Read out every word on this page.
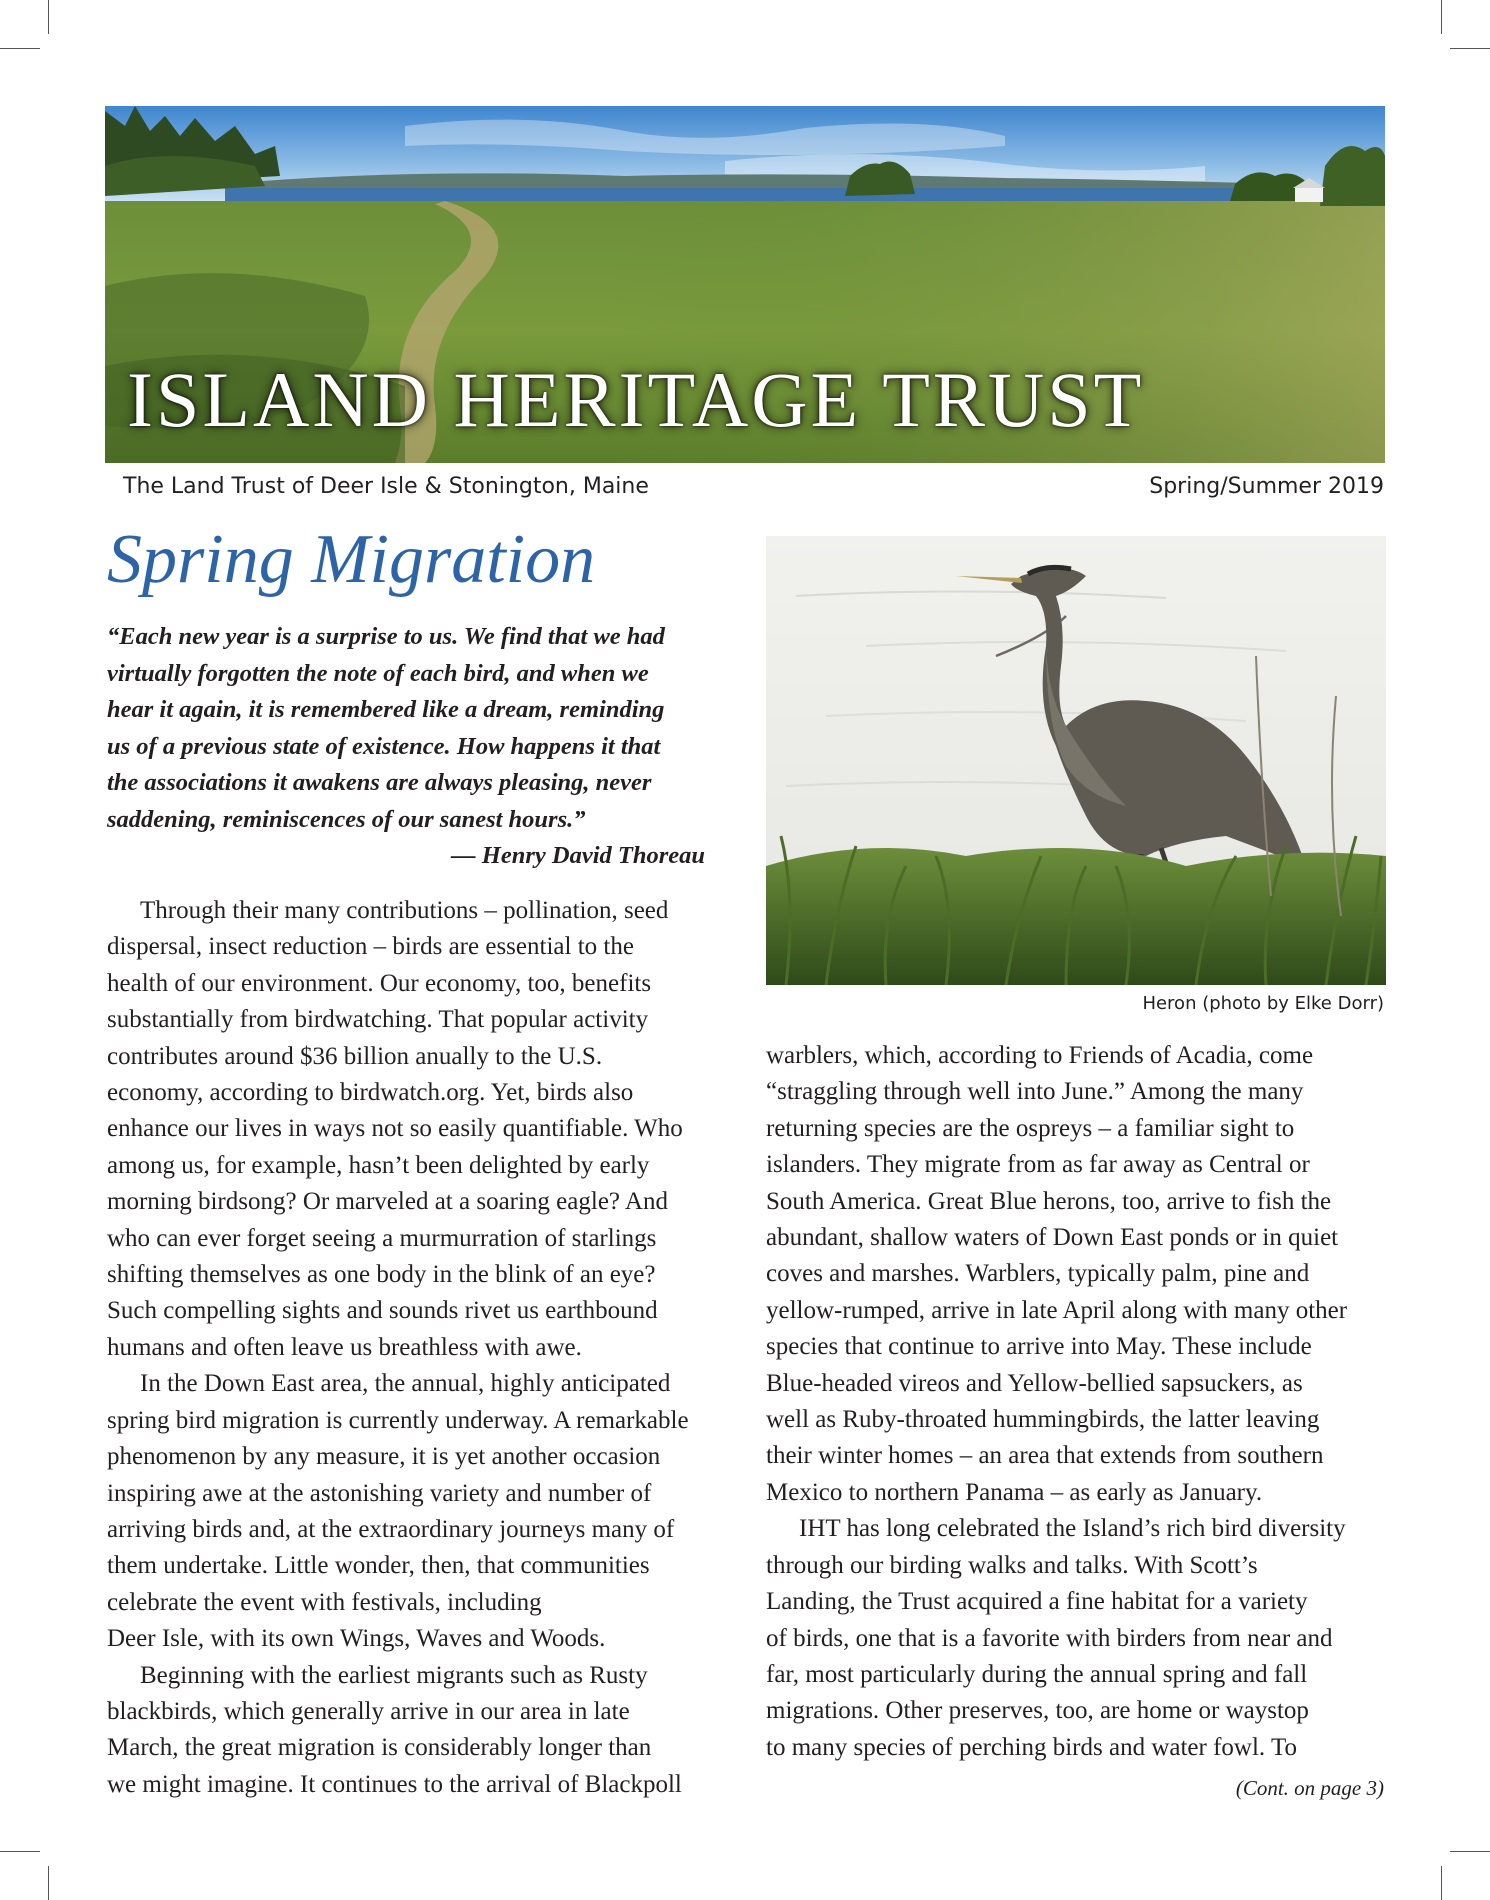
ISLAND HERITAGE TRUST
The Land Trust of Deer Isle & Stonington, Maine	Spring/Summer 2019
Spring Migration
“Each new year is a surprise to us. We find that we had
virtually forgotten the note of each bird, and when we
hear it again, it is remembered like a dream, reminding
us of a previous state of existence. How happens it that
the associations it awakens are always pleasing, never
saddening, reminiscences of our sanest hours.”
— Henry David Thoreau
Through their many contributions – pollination, seed
dispersal, insect reduction – birds are essential to the
health of our environment. Our economy, too, benefits
substantially from birdwatching. That popular activity
contributes around $36 billion anually to the U.S.
economy, according to birdwatch.org. Yet, birds also
enhance our lives in ways not so easily quantifiable. Who
among us, for example, hasn’t been delighted by early
morning birdsong? Or marveled at a soaring eagle? And
who can ever forget seeing a murmurration of starlings
shifting themselves as one body in the blink of an eye?
Such compelling sights and sounds rivet us earthbound
humans and often leave us breathless with awe.
In the Down East area, the annual, highly anticipated
spring bird migration is currently underway. A remarkable
phenomenon by any measure, it is yet another occasion
inspiring awe at the astonishing variety and number of
arriving birds and, at the extraordinary journeys many of
them undertake. Little wonder, then, that communities
celebrate the event with festivals, including
Deer Isle, with its own Wings, Waves and Woods.
Beginning with the earliest migrants such as Rusty
blackbirds, which generally arrive in our area in late
March, the great migration is considerably longer than
we might imagine. It continues to the arrival of Blackpoll
Heron (photo by Elke Dorr)
warblers, which, according to Friends of Acadia, come
“straggling through well into June.” Among the many
returning species are the ospreys – a familiar sight to
islanders. They migrate from as far away as Central or
South America. Great Blue herons, too, arrive to fish the
abundant, shallow waters of Down East ponds or in quiet
coves and marshes. Warblers, typically palm, pine and
yellow-rumped, arrive in late April along with many other
species that continue to arrive into May. These include
Blue-headed vireos and Yellow-bellied sapsuckers, as
well as Ruby-throated hummingbirds, the latter leaving
their winter homes – an area that extends from southern
Mexico to northern Panama – as early as January.
IHT has long celebrated the Island’s rich bird diversity
through our birding walks and talks. With Scott’s
Landing, the Trust acquired a fine habitat for a variety
of birds, one that is a favorite with birders from near and
far, most particularly during the annual spring and fall
migrations. Other preserves, too, are home or waystop
to many species of perching birds and water fowl. To
(Cont. on page 3)
